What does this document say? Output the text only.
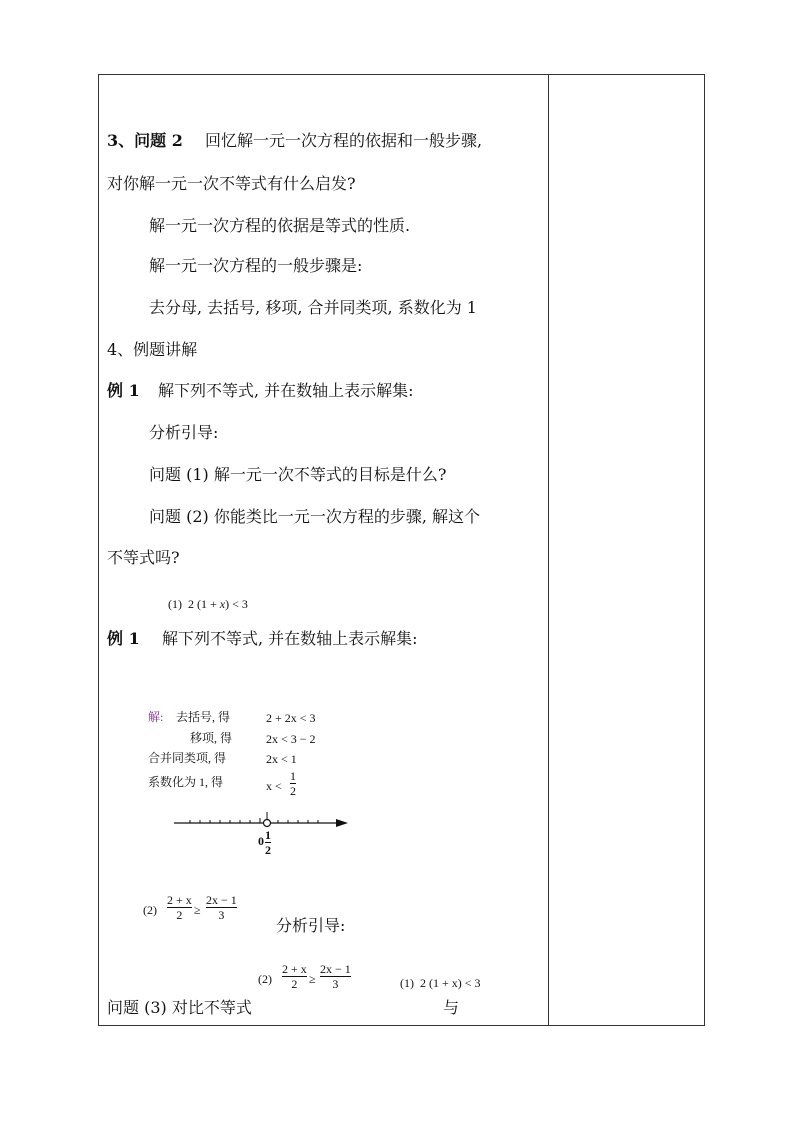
3、问题 2 回忆解一元一次方程的依据和一般步骤,
对你解一元一次不等式有什么启发?
解一元一次方程的依据是等式的性质.
解一元一次方程的一般步骤是:
去分母, 去括号, 移项, 合并同类项, 系数化为 1
4、例题讲解
例 1 解下列不等式, 并在数轴上表示解集:
分析引导:
问题 (1) 解一元一次不等式的目标是什么?
问题 (2) 你能类比一元一次方程的步骤, 解这个
不等式吗?
(1) 2 (1 + x) < 3
例 1 解下列不等式, 并在数轴上表示解集:
解: 去括号, 得	2 + 2x < 3
移项, 得	2x < 3 − 2
合并同类项, 得	2x < 1
系数化为 1, 得	x <
1
2
0 1
2
(2)
2 + x
2 ≥
2x − 1
3
分析引导:
(2)
2 + x
2 ≥
2x − 1
3	(1) 2 (1 + x) < 3
问题 (3) 对比不等式	与
